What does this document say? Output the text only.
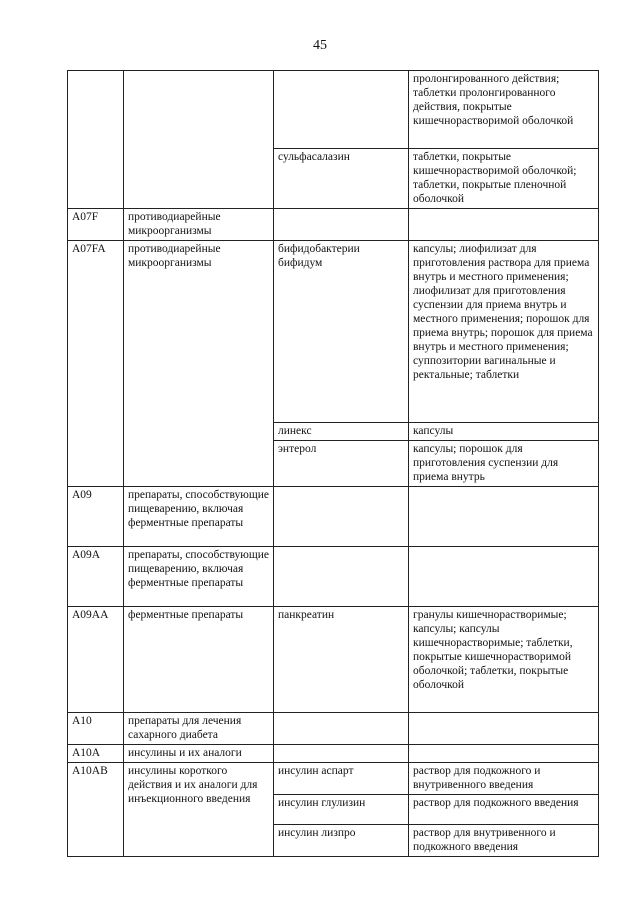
45
			пролонгированного действия; таблетки пролонгированного действия, покрытые кишечнорастворимой оболочкой
		сульфасалазин	таблетки, покрытые кишечнорастворимой оболочкой; таблетки, покрытые пленочной оболочкой
A07F	противодиарейные микроорганизмы		
A07FA	противодиарейные микроорганизмы	бифидобактерии бифидум	капсулы; лиофилизат для приготовления раствора для приема внутрь и местного применения; лиофилизат для приготовления суспензии для приема внутрь и местного применения; порошок для приема внутрь; порошок для приема внутрь и местного применения; суппозитории вагинальные и ректальные; таблетки
		линекс	капсулы
		энтерол	капсулы; порошок для приготовления суспензии для приема внутрь
A09	препараты, способствующие пищеварению, включая ферментные препараты		
A09A	препараты, способствующие пищеварению, включая ферментные препараты		
A09AA	ферментные препараты	панкреатин	гранулы кишечнорастворимые; капсулы; капсулы кишечнорастворимые; таблетки, покрытые кишечнорастворимой оболочкой; таблетки, покрытые оболочкой
A10	препараты для лечения сахарного диабета		
A10A	инсулины и их аналоги		
A10AB	инсулины короткого действия и их аналоги для инъекционного введения	инсулин аспарт	раствор для подкожного и внутривенного введения
		инсулин глулизин	раствор для подкожного введения
		инсулин лизпро	раствор для внутривенного и подкожного введения
